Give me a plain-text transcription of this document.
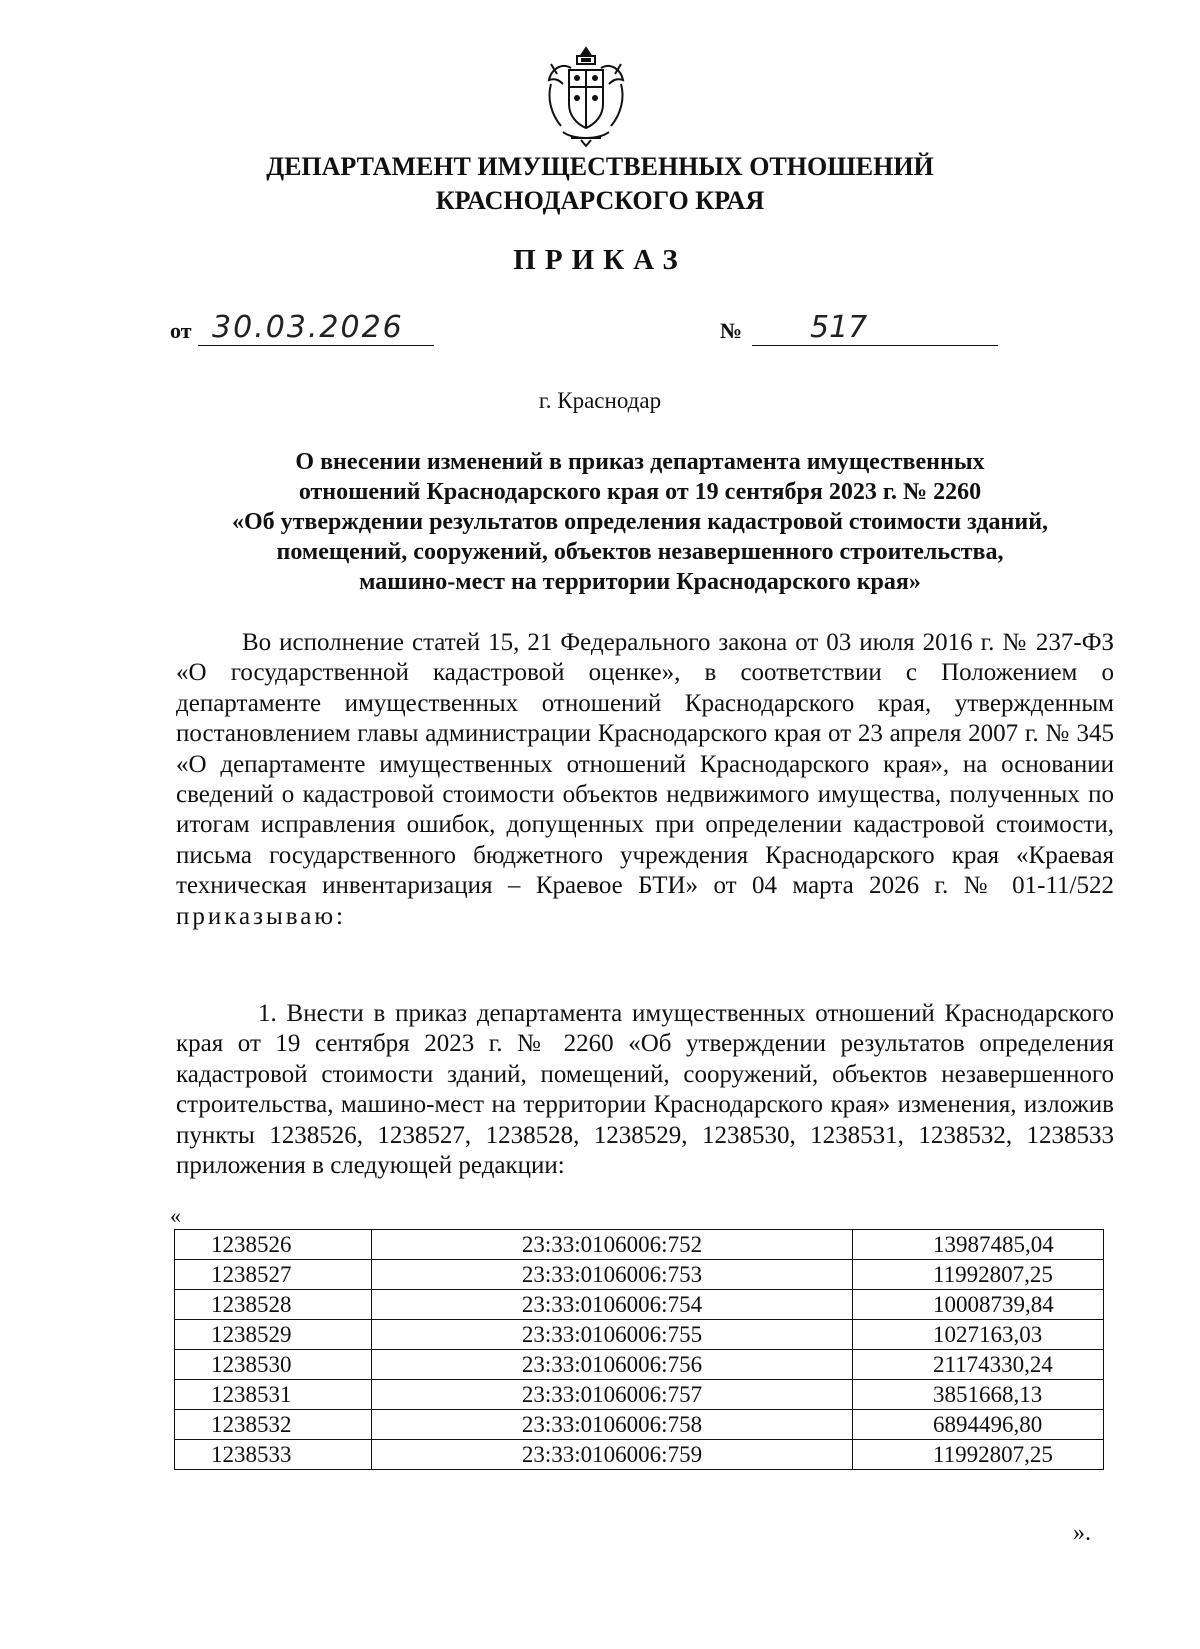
ДЕПАРТАМЕНТ ИМУЩЕСТВЕННЫХ ОТНОШЕНИЙ
КРАСНОДАРСКОГО КРАЯ
ПРИКАЗ
от 30.03.2026	№ 517
г. Краснодар
О внесении изменений в приказ департамента имущественных
отношений Краснодарского края от 19 сентября 2023 г. № 2260
«Об утверждении результатов определения кадастровой стоимости зданий,
помещений, сооружений, объектов незавершенного строительства,
машино-мест на территории Краснодарского края»
Во исполнение статей 15, 21 Федерального закона от 03 июля 2016 г. № 237-ФЗ «О государственной кадастровой оценке», в соответствии с Положением о департаменте имущественных отношений Краснодарского края, утвержденным постановлением главы администрации Краснодарского края от 23 апреля 2007 г. № 345 «О департаменте имущественных отношений Краснодарского края», на основании сведений о кадастровой стоимости объектов недвижимого имущества, полученных по итогам исправления ошибок, допущенных при определении кадастровой стоимости, письма государственного бюджетного учреждения Краснодарского края «Краевая техническая инвентаризация – Краевое БТИ» от 04 марта 2026 г. № 01-11/522 приказываю:
1. Внести в приказ департамента имущественных отношений Краснодарского края от 19 сентября 2023 г. № 2260 «Об утверждении результатов определения кадастровой стоимости зданий, помещений, сооружений, объектов незавершенного строительства, машино-мест на территории Краснодарского края» изменения, изложив пункты 1238526, 1238527, 1238528, 1238529, 1238530, 1238531, 1238532, 1238533 приложения в следующей редакции:
«
1238526	23:33:0106006:752	13987485,04
1238527	23:33:0106006:753	11992807,25
1238528	23:33:0106006:754	10008739,84
1238529	23:33:0106006:755	1027163,03
1238530	23:33:0106006:756	21174330,24
1238531	23:33:0106006:757	3851668,13
1238532	23:33:0106006:758	6894496,80
1238533	23:33:0106006:759	11992807,25
».
